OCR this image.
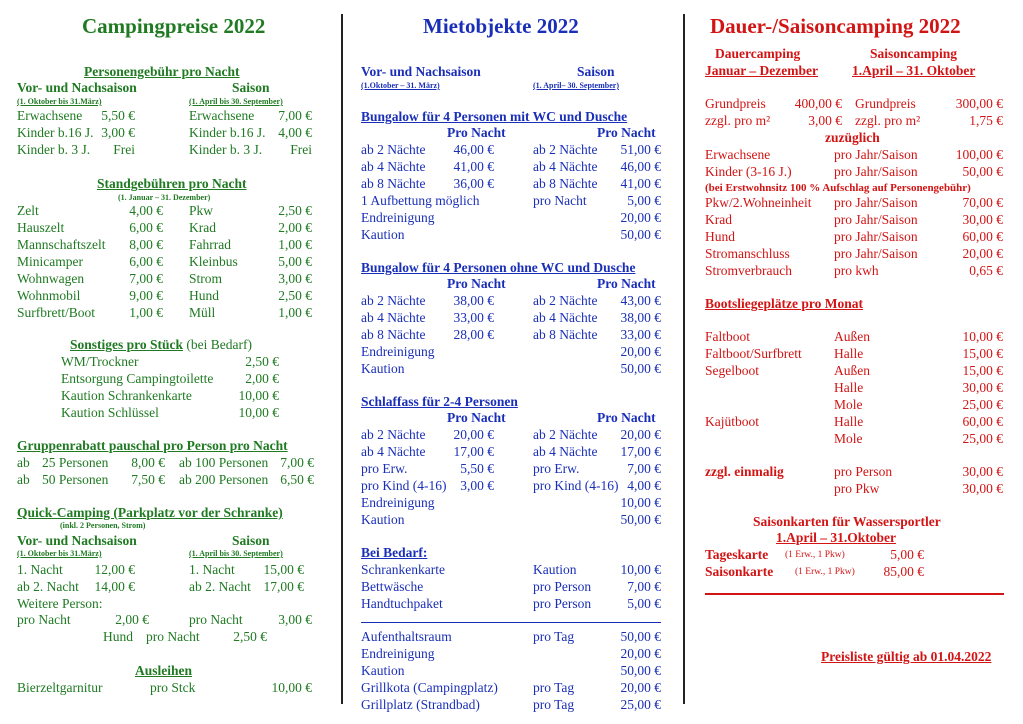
Campingpreise 2022
Personengebühr pro Nacht
Vor- und Nachsaison	Saison
(1. Oktober bis 31.März)	(1. April bis 30. September)
Erwachsene	5,50 €	Erwachsene	7,00 €
Kinder b.16 J. 3,00 €	Kinder b.16 J. 4,00 €
Kinder b. 3 J.	Frei	Kinder b. 3 J.	Frei
Standgebühren pro Nacht
(1. Januar – 31. Dezember)
Zelt	4,00 € Pkw	2,50 €
Hauszelt	6,00 € Krad	2,00 €
Mannschaftszelt	8,00 € Fahrrad	1,00 €
Minicamper	6,00 € Kleinbus	5,00 €
Wohnwagen	7,00 € Strom	3,00 €
Wohnmobil	9,00 € Hund	2,50 €
Surfbrett/Boot	1,00 € Müll	1,00 €
Sonstiges pro Stück (bei Bedarf)
WM/Trockner	2,50 €
Entsorgung Campingtoilette	2,00 €
Kaution Schrankenkarte	10,00 €
Kaution Schlüssel	10,00 €
Gruppenrabatt pauschal pro Person pro Nacht
ab 25 Personen	8,00 € ab 100 Personen 7,00 €
ab 50 Personen	7,50 € ab 200 Personen 6,50 €
Quick-Camping (Parkplatz vor der Schranke)
(inkl. 2 Personen, Strom)
Vor- und Nachsaison	Saison
(1. Oktober bis 31.März)	(1. April bis 30. September)
1. Nacht	12,00 €	1. Nacht	15,00 €
ab 2. Nacht	14,00 €	ab 2. Nacht 17,00 €
Weitere Person:
pro Nacht	2,00 €	pro Nacht	3,00 €
Hund pro Nacht	2,50 €
Ausleihen
Bierzeltgarnitur	pro Stck	10,00 €
Mietobjekte 2022
Vor- und Nachsaison	Saison
(1.Oktober – 31. März)	(1. April– 30. September)
Bungalow für 4 Personen mit WC und Dusche
Pro Nacht	Pro Nacht
ab 2 Nächte	46,00 €	ab 2 Nächte	51,00 €
ab 4 Nächte	41,00 €	ab 4 Nächte	46,00 €
ab 8 Nächte	36,00 €	ab 8 Nächte	41,00 €
1 Aufbettung möglich	pro Nacht	5,00 €
Endreinigung	20,00 €
Kaution	50,00 €
Bungalow für 4 Personen ohne WC und Dusche
Pro Nacht	Pro Nacht
ab 2 Nächte	38,00 €	ab 2 Nächte	43,00 €
ab 4 Nächte	33,00 €	ab 4 Nächte	38,00 €
ab 8 Nächte	28,00 €	ab 8 Nächte	33,00 €
Endreinigung	20,00 €
Kaution	50,00 €
Schlaffass für 2-4 Personen
Pro Nacht	Pro Nacht
ab 2 Nächte	20,00 €	ab 2 Nächte	20,00 €
ab 4 Nächte	17,00 €	ab 4 Nächte	17,00 €
pro Erw.	5,50 €	pro Erw.	7,00 €
pro Kind (4-16)	3,00 €	pro Kind (4-16) 4,00 €
Endreinigung	10,00 €
Kaution	50,00 €
Bei Bedarf:
Schrankenkarte	Kaution	10,00 €
Bettwäsche	pro Person	7,00 €
Handtuchpaket	pro Person	5,00 €
Aufenthaltsraum	pro Tag	50,00 €
Endreinigung	20,00 €
Kaution	50,00 €
Grillkota (Campingplatz)	pro Tag	20,00 €
Grillplatz (Strandbad)	pro Tag	25,00 €
Dauer-/Saisoncamping 2022
Dauercamping	Saisoncamping
Januar – Dezember	1.April – 31. Oktober
Grundpreis	400,00 € Grundpreis	300,00 €
zzgl. pro m²	3,00 € zzgl. pro m²	1,75 €
zuzüglich
Erwachsene	pro Jahr/Saison	100,00 €
Kinder (3-16 J.)	pro Jahr/Saison	50,00 €
(bei Erstwohnsitz 100 % Aufschlag auf Personengebühr)
Pkw/2.Wohneinheit pro Jahr/Saison	70,00 €
Krad	pro Jahr/Saison	30,00 €
Hund	pro Jahr/Saison	60,00 €
Stromanschluss	pro Jahr/Saison	20,00 €
Stromverbrauch	pro kwh	0,65 €
Bootsliegeplätze pro Monat
Faltboot	Außen	10,00 €
Faltboot/Surfbrett Halle	15,00 €
Segelboot	Außen	15,00 €
Halle	30,00 €
Mole	25,00 €
Kajütboot	Halle	60,00 €
Mole	25,00 €
zzgl. einmalig	pro Person	30,00 €
pro Pkw	30,00 €
Saisonkarten für Wassersportler
1.April – 31.Oktober
Tageskarte (1 Erw., 1 Pkw)	5,00 €
Saisonkarte (1 Erw., 1 Pkw)	85,00 €
Preisliste gültig ab 01.04.2022
